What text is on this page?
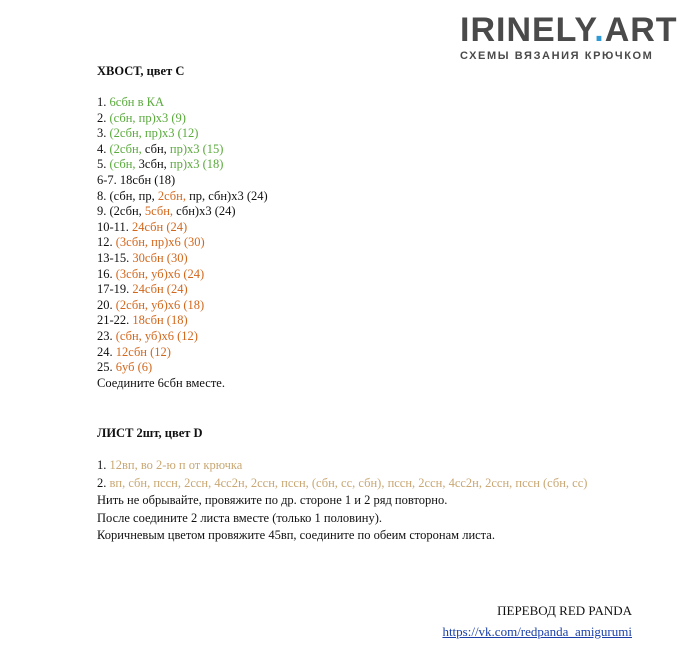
IRINELY.ART
СХЕМЫ ВЯЗАНИЯ КРЮЧКОМ
ХВОСТ, цвет С
1. 6сбн в КА
2. (сбн, пр)х3 (9)
3. (2сбн, пр)х3 (12)
4. (2сбн, сбн, пр)х3 (15)
5. (сбн, 3сбн, пр)х3 (18)
6-7. 18сбн (18)
8. (сбн, пр, 2сбн, пр, сбн)х3 (24)
9. (2сбн, 5сбн, сбн)х3 (24)
10-11. 24сбн (24)
12. (3сбн, пр)х6 (30)
13-15. 30сбн (30)
16. (3сбн, уб)х6 (24)
17-19. 24сбн (24)
20. (2сбн, уб)х6 (18)
21-22. 18сбн (18)
23. (сбн, уб)х6 (12)
24. 12сбн (12)
25. 6уб (6)
Соедините 6сбн вместе.
ЛИСТ 2шт, цвет D
1. 12вп, во 2-ю п от крючка
2. вп, сбн, пссн, 2ссн, 4сс2н, 2ссн, пссн, (сбн, сс, сбн), пссн, 2ссн, 4сс2н, 2ссн, пссн (сбн, сс)
Нить не обрывайте, провяжите по др. стороне 1 и 2 ряд повторно.
После соедините 2 листа вместе (только 1 половину).
Коричневым цветом провяжите 45вп, соедините по обеим сторонам листа.
ПЕРЕВОД RED PANDA
https://vk.com/redpanda_amigurumi
